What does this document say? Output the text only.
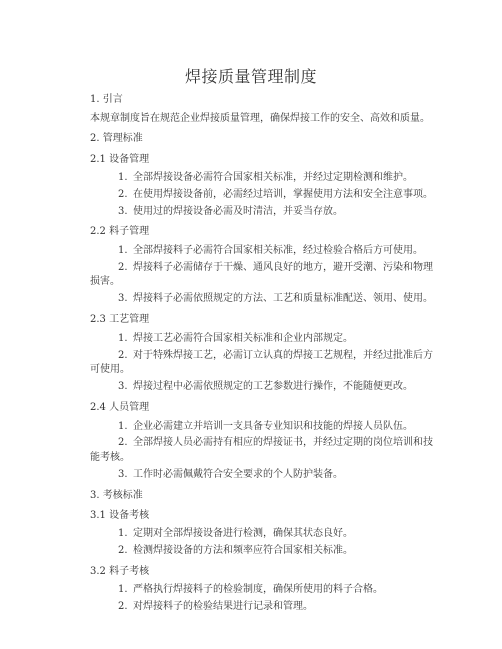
焊接质量管理制度
1. 引言
本规章制度旨在规范企业焊接质量管理，确保焊接工作的安全、高效和质量。
2. 管理标准
2.1 设备管理
1. 全部焊接设备必需符合国家相关标准，并经过定期检测和维护。
2. 在使用焊接设备前，必需经过培训，掌握使用方法和安全注意事项。
3. 使用过的焊接设备必需及时清洁，并妥当存放。
2.2 料子管理
1. 全部焊接料子必需符合国家相关标准，经过检验合格后方可使用。
2. 焊接料子必需储存于干燥、通风良好的地方，避开受潮、污染和物理
损害。
3. 焊接料子必需依照规定的方法、工艺和质量标准配送、领用、使用。
2.3 工艺管理
1. 焊接工艺必需符合国家相关标准和企业内部规定。
2. 对于特殊焊接工艺，必需订立认真的焊接工艺规程，并经过批准后方
可使用。
3. 焊接过程中必需依照规定的工艺参数进行操作，不能随便更改。
2.4 人员管理
1. 企业必需建立并培训一支具备专业知识和技能的焊接人员队伍。
2. 全部焊接人员必需持有相应的焊接证书，并经过定期的岗位培训和技
能考核。
3. 工作时必需佩戴符合安全要求的个人防护装备。
3. 考核标准
3.1 设备考核
1. 定期对全部焊接设备进行检测，确保其状态良好。
2. 检测焊接设备的方法和频率应符合国家相关标准。
3.2 料子考核
1. 严格执行焊接料子的检验制度，确保所使用的料子合格。
2. 对焊接料子的检验结果进行记录和管理。
